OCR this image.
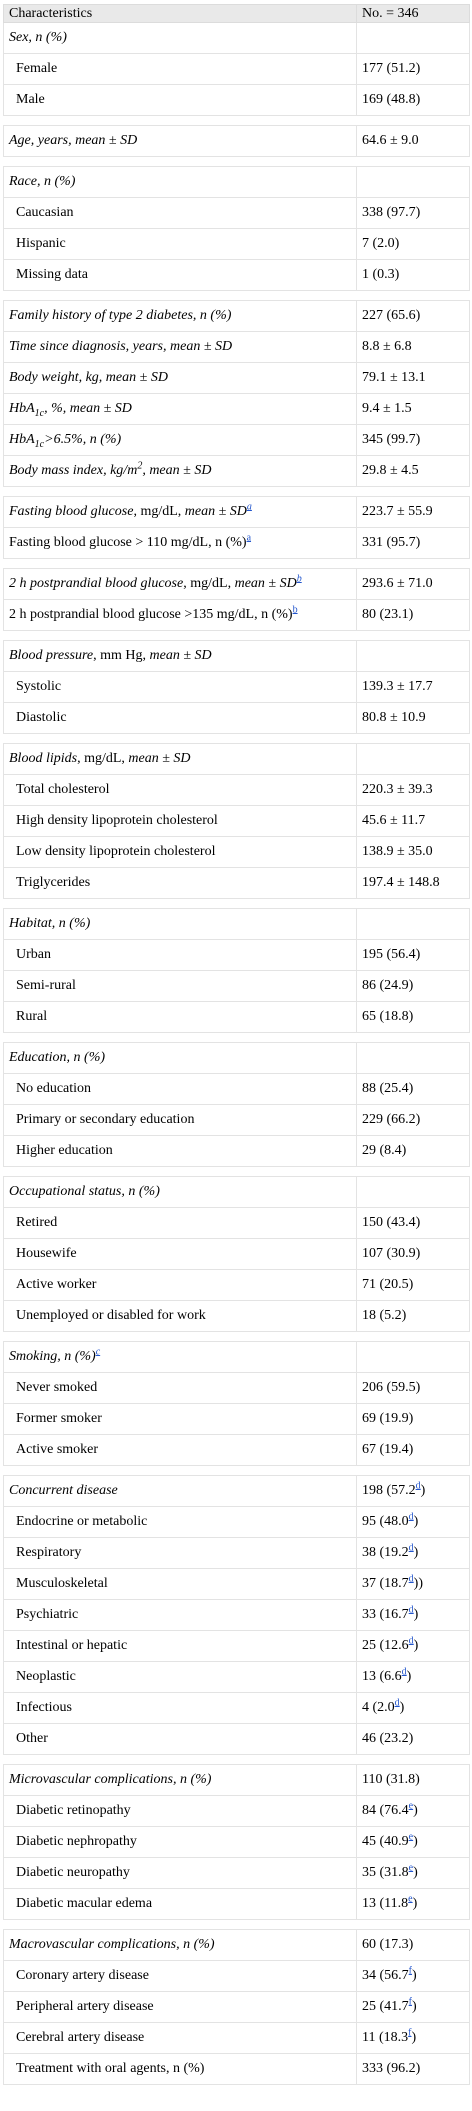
Characteristics	No. = 346
Sex, n (%)	
Female	177 (51.2)
Male	169 (48.8)

Age, years, mean ± SD	64.6 ± 9.0

Race, n (%)	
Caucasian	338 (97.7)
Hispanic	7 (2.0)
Missing data	1 (0.3)

Family history of type 2 diabetes, n (%)	227 (65.6)
Time since diagnosis, years, mean ± SD	8.8 ± 6.8
Body weight, kg, mean ± SD	79.1 ± 13.1
HbA$_{1c}$, %, mean ± SD	9.4 ± 1.5
HbA$_{1c}$>6.5%, n (%)	345 (99.7)
Body mass index, $kg/m^2$, mean ± SD	29.8 ± 4.5

Fasting blood glucose, mg/dL, mean ± SD$^a$	223.7 ± 55.9
Fasting blood glucose > 110 mg/dL, n (%)$^a$	331 (95.7)

2 h postprandial blood glucose, mg/dL, mean ± SD$^b$	293.6 ± 71.0
2 h postprandial blood glucose >135 mg/dL, n (%)$^b$	80 (23.1)

Blood pressure, mm Hg, mean ± SD	
Systolic	139.3 ± 17.7
Diastolic	80.8 ± 10.9

Blood lipids, mg/dL, mean ± SD	
Total cholesterol	220.3 ± 39.3
High density lipoprotein cholesterol	45.6 ± 11.7
Low density lipoprotein cholesterol	138.9 ± 35.0
Triglycerides	197.4 ± 148.8

Habitat, n (%)	
Urban	195 (56.4)
Semi-rural	86 (24.9)
Rural	65 (18.8)

Education, n (%)	
No education	88 (25.4)
Primary or secondary education	229 (66.2)
Higher education	29 (8.4)

Occupational status, n (%)	
Retired	150 (43.4)
Housewife	107 (30.9)
Active worker	71 (20.5)
Unemployed or disabled for work	18 (5.2)

Smoking, n (%)$^c$	
Never smoked	206 (59.5)
Former smoker	69 (19.9)
Active smoker	67 (19.4)

Concurrent disease	198 (57.2$^d$)
Endocrine or metabolic	95 (48.0$^d$)
Respiratory	38 (19.2$^d$)
Musculoskeletal	37 (18.7$^d$))
Psychiatric	33 (16.7$^d$)
Intestinal or hepatic	25 (12.6$^d$)
Neoplastic	13 (6.6$^d$)
Infectious	4 (2.0$^d$)
Other	46 (23.2)

Microvascular complications, n (%)	110 (31.8)
Diabetic retinopathy	84 (76.4e)
Diabetic nephropathy	45 (40.9e)
Diabetic neuropathy	35 (31.8e)
Diabetic macular edema	13 (11.8e)

Macrovascular complications, n (%)	60 (17.3)
Coronary artery disease	34 (56.7$^f$)
Peripheral artery disease	25 (41.7$^f$)
Cerebral artery disease	11 (18.3$^f$)
Treatment with oral agents, n (%)	333 (96.2)
